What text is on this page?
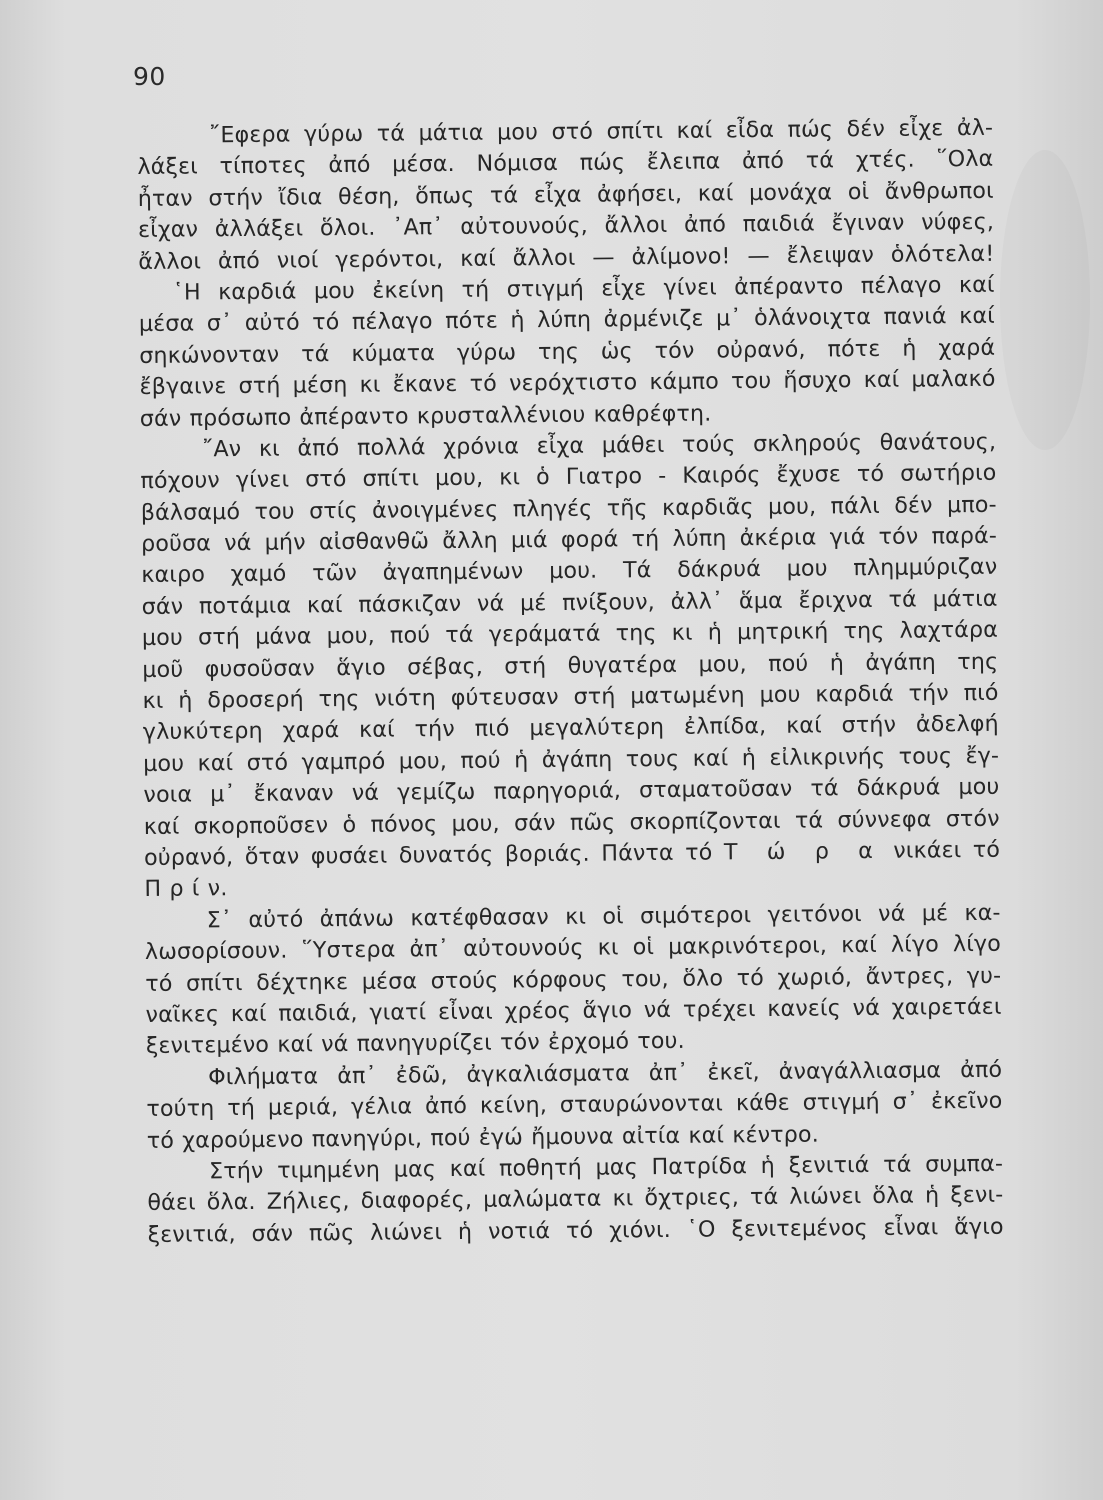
90
῎Εφερα γύρω τά μάτια μου στό σπίτι καί εἶδα πώς δέν εἶχε ἀλ-
λάξει τίποτες ἀπό μέσα. Νόμισα πώς ἔλειπα ἀπό τά χτές. ῞Ολα
ἦταν στήν ἴδια θέση, ὅπως τά εἶχα ἀφήσει, καί μονάχα οἱ ἄνθρωποι
εἶχαν ἀλλάξει ὅλοι. ᾿Απ᾿ αὐτουνούς, ἄλλοι ἀπό παιδιά ἔγιναν νύφες,
ἄλλοι ἀπό νιοί γερόντοι, καί ἄλλοι — ἀλίμονο! — ἔλειψαν ὁλότελα!
῾Η καρδιά μου ἐκείνη τή στιγμή εἶχε γίνει ἀπέραντο πέλαγο καί
μέσα σ᾿ αὐτό τό πέλαγο πότε ἡ λύπη ἀρμένιζε μ᾿ ὁλάνοιχτα πανιά καί
σηκώνονταν τά κύματα γύρω της ὡς τόν οὐρανό, πότε ἡ χαρά
ἔβγαινε στή μέση κι ἔκανε τό νερόχτιστο κάμπο του ἥσυχο καί μαλακό
σάν πρόσωπο ἀπέραντο κρυσταλλένιου καθρέφτη.
῎Αν κι ἀπό πολλά χρόνια εἶχα μάθει τούς σκληρούς θανάτους,
πόχουν γίνει στό σπίτι μου, κι ὁ Γιατρο - Καιρός ἔχυσε τό σωτήριο
βάλσαμό του στίς ἀνοιγμένες πληγές τῆς καρδιᾶς μου, πάλι δέν μπο-
ροῦσα νά μήν αἰσθανθῶ ἄλλη μιά φορά τή λύπη ἀκέρια γιά τόν παρά-
καιρο χαμό τῶν ἀγαπημένων μου. Τά δάκρυά μου πλημμύριζαν
σάν ποτάμια καί πάσκιζαν νά μέ πνίξουν, ἀλλ᾿ ἅμα ἔριχνα τά μάτια
μου στή μάνα μου, πού τά γεράματά της κι ἡ μητρική της λαχτάρα
μοῦ φυσοῦσαν ἅγιο σέβας, στή θυγατέρα μου, πού ἡ ἀγάπη της
κι ἡ δροσερή της νιότη φύτευσαν στή ματωμένη μου καρδιά τήν πιό
γλυκύτερη χαρά καί τήν πιό μεγαλύτερη ἐλπίδα, καί στήν ἀδελφή
μου καί στό γαμπρό μου, πού ἡ ἀγάπη τους καί ἡ εἰλικρινής τους ἔγ-
νοια μ᾿ ἔκαναν νά γεμίζω παρηγοριά, σταματοῦσαν τά δάκρυά μου
καί σκορποῦσεν ὁ πόνος μου, σάν πῶς σκορπίζονται τά σύννεφα στόν
οὐρανό, ὅταν φυσάει δυνατός βοριάς. Πάντα τό Τ ώ ρ α νικάει τό
Π ρ ί ν.
Σ᾿ αὐτό ἀπάνω κατέφθασαν κι οἱ σιμότεροι γειτόνοι νά μέ κα-
λωσορίσουν. ῞Υστερα ἀπ᾿ αὐτουνούς κι οἱ μακρινότεροι, καί λίγο λίγο
τό σπίτι δέχτηκε μέσα στούς κόρφους του, ὅλο τό χωριό, ἄντρες, γυ-
ναῖκες καί παιδιά, γιατί εἶναι χρέος ἅγιο νά τρέχει κανείς νά χαιρετάει
ξενιτεμένο καί νά πανηγυρίζει τόν ἐρχομό του.
Φιλήματα ἀπ᾿ ἐδῶ, ἀγκαλιάσματα ἀπ᾿ ἐκεῖ, ἀναγάλλιασμα ἀπό
τούτη τή μεριά, γέλια ἀπό κείνη, σταυρώνονται κάθε στιγμή σ᾿ ἐκεῖνο
τό χαρούμενο πανηγύρι, πού ἐγώ ἤμουνα αἰτία καί κέντρο.
Στήν τιμημένη μας καί ποθητή μας Πατρίδα ἡ ξενιτιά τά συμπα-
θάει ὅλα. Ζήλιες, διαφορές, μαλώματα κι ὄχτριες, τά λιώνει ὅλα ἡ ξενι-
ξενιτιά, σάν πῶς λιώνει ἡ νοτιά τό χιόνι. ῾Ο ξενιτεμένος εἶναι ἅγιο
